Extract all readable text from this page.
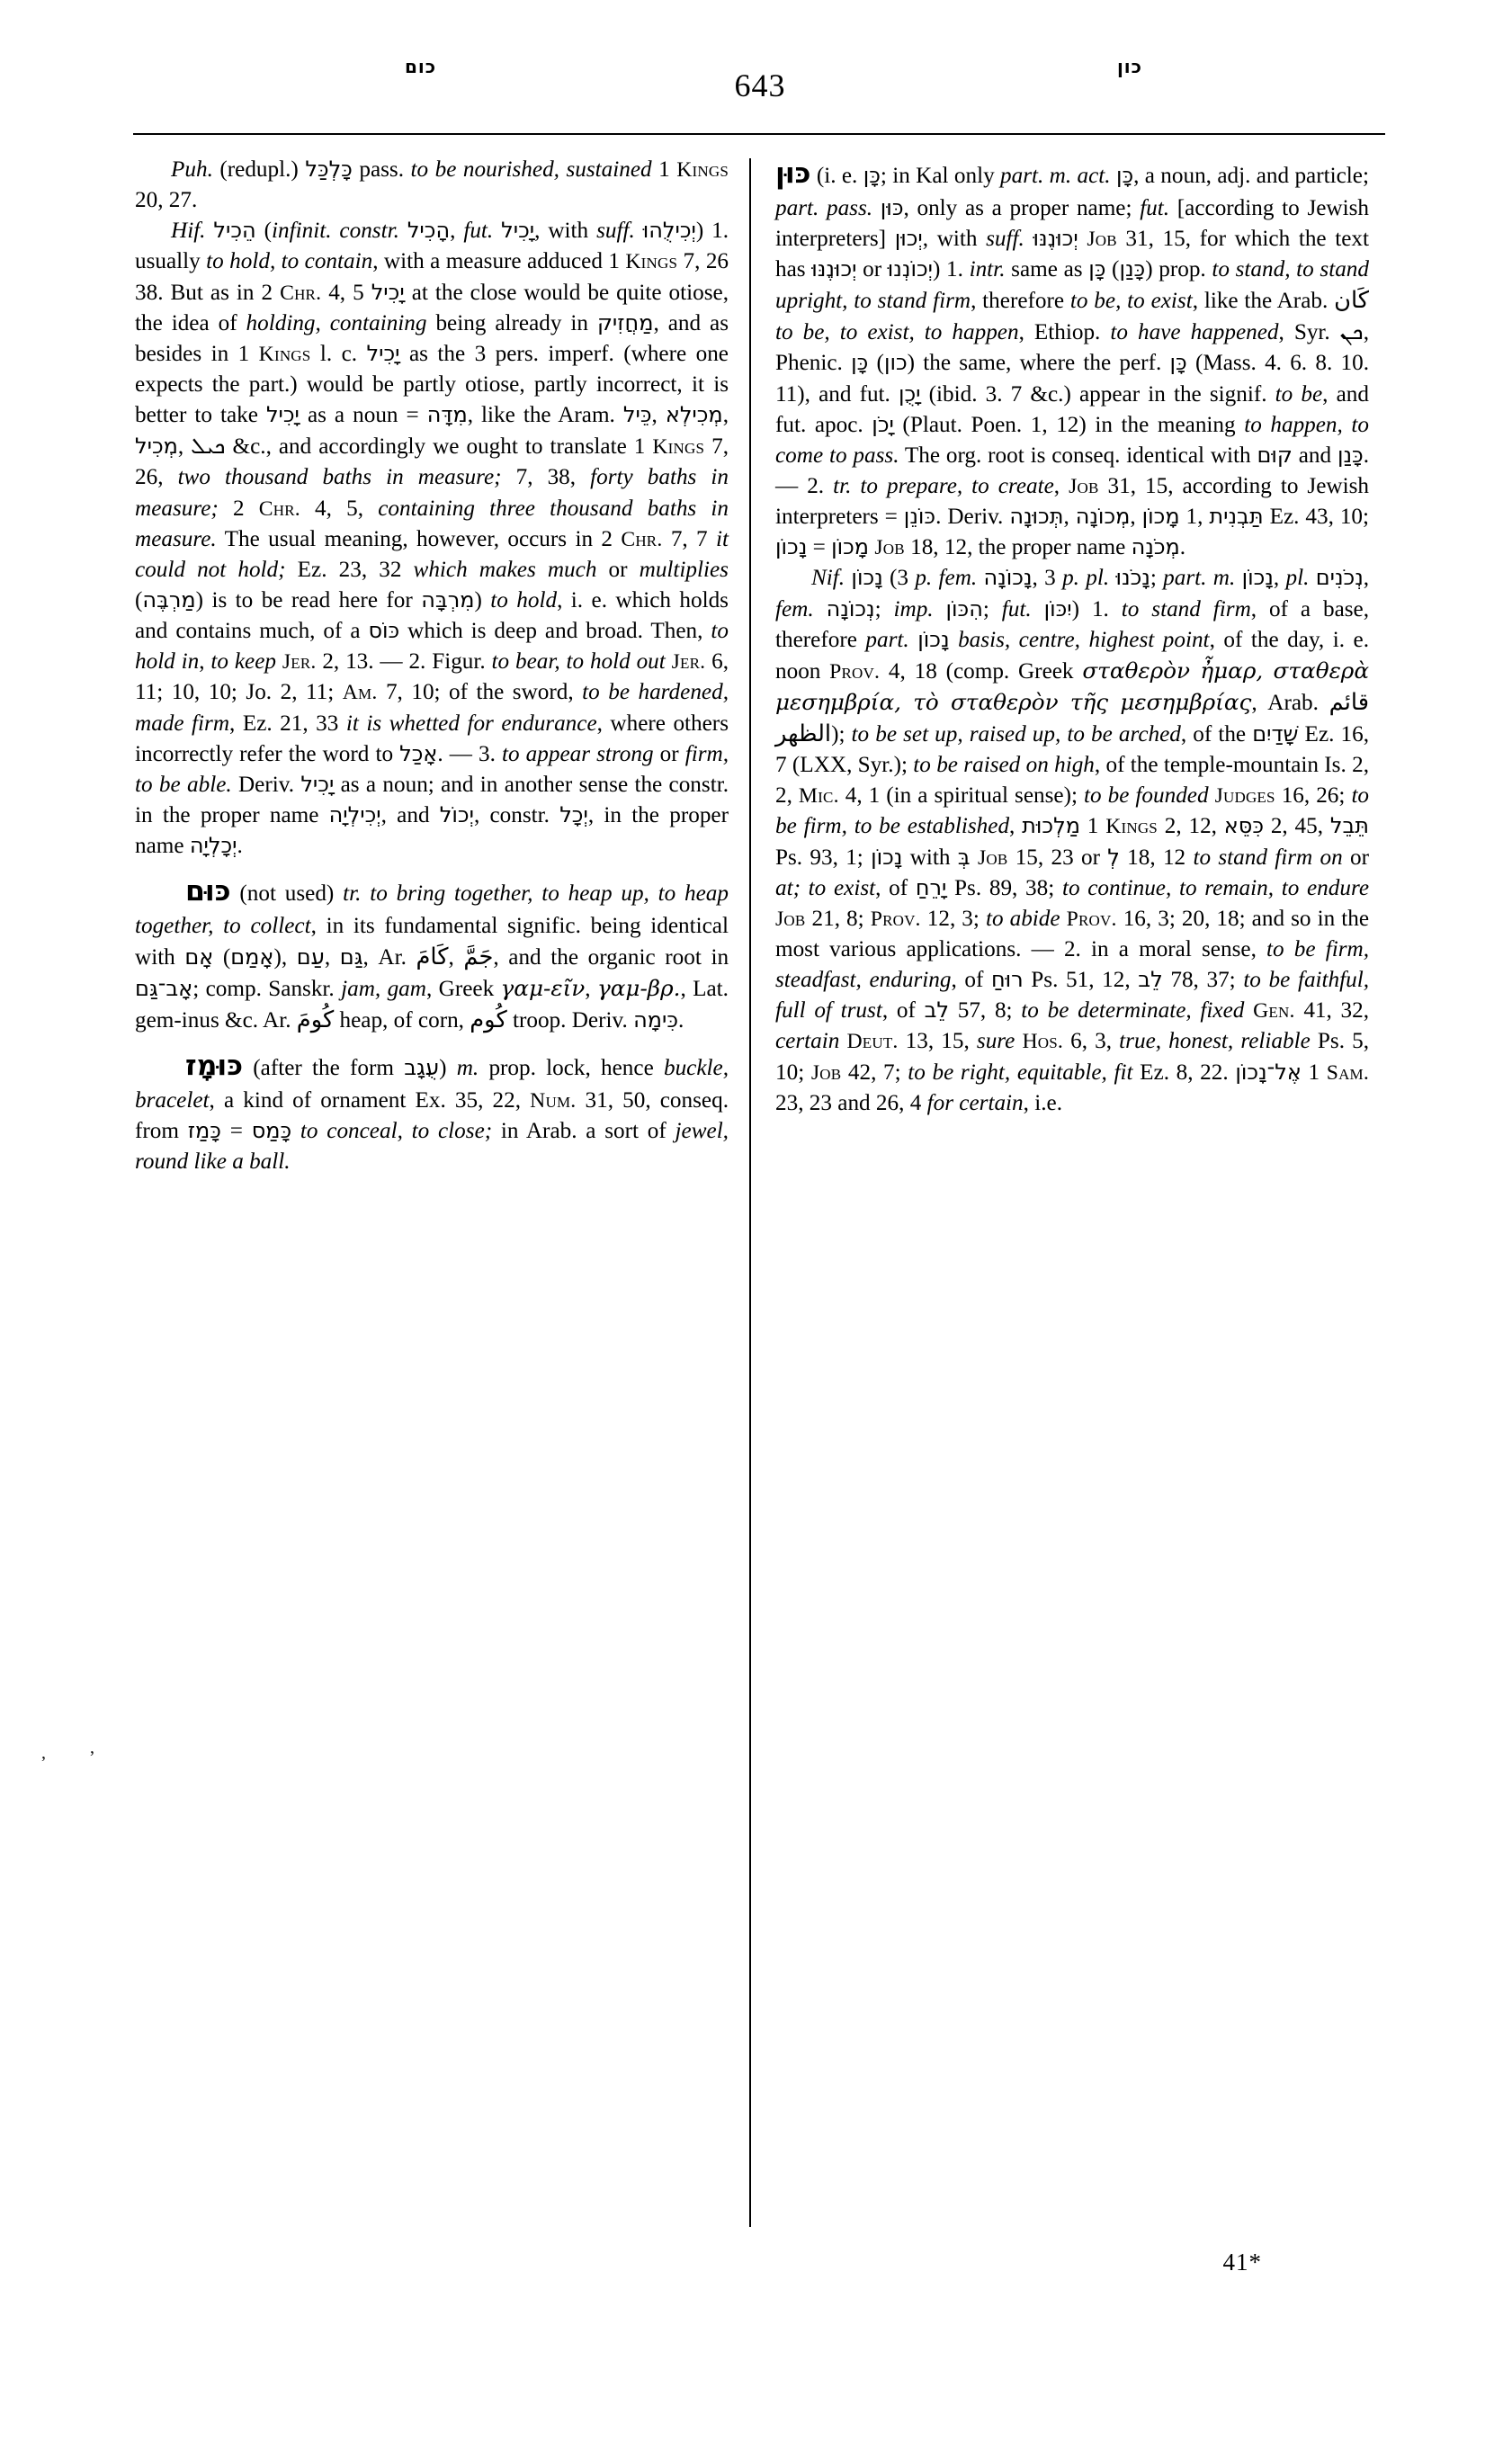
כום
643
כון
, ,

Puh. (redupl.) כָּלְכַּל pass. to be nourished, sustained 1 Kings 20, 27.

Hif. הֵכִיל (infinit. constr. הָכִיל, fut. יָכִיל, with suff. יְכִילֻהוּ) 1. usually to hold, to contain, with a measure adduced 1 Kings 7, 26 38. But as in 2 Chr. 4, 5 יָכִיל at the close would be quite otiose, the idea of holding, containing being already in מַחֲזִיק, and as besides in 1 Kings l. c. יָכִיל as the 3 pers. imperf. (where one expects the part.) would be partly otiose, partly incorrect, it is better to take יָכִיל as a noun = מִדָּה, like the Aram. כֵּיל, מְכִילְא, מְכִיל, ܟܝܠ &c., and accordingly we ought to translate 1 Kings 7, 26, two thousand baths in measure; 7, 38, forty baths in measure; 2 Chr. 4, 5, containing three thousand baths in measure. The usual meaning, however, occurs in 2 Chr. 7, 7 it could not hold; Ez. 23, 32 which makes much or multiplies (מַרְבֶּה) is to be read here for מִרְבָּה) to hold, i. e. which holds and contains much, of a כּוֹס which is deep and broad. Then, to hold in, to keep Jer. 2, 13. — 2. Figur. to bear, to hold out Jer. 6, 11; 10, 10; Jo. 2, 11; Am. 7, 10; of the sword, to be hardened, made firm, Ez. 21, 33 it is whetted for endurance, where others incorrectly refer the word to אָכַל. — 3. to appear strong or firm, to be able. Deriv. יָכִיל as a noun; and in another sense the constr. in the proper name יְכִילְיָה, and יְכוֹל, constr. יְכָל, in the proper name יְכָלְיָה.

כּוּם (not used) tr. to bring together, to heap up, to heap together, to collect, in its fundamental signific. being identical with אָם (אָמַם), עַם, גַּם, Ar. كَامَ, جَمَّ, and the organic root in אָב־גַּם; comp. Sanskr. jam, gam, Greek γαμ-εῖν, γαμ-βρ., Lat. gem-inus &c. Ar. كُومَ heap, of corn, كُوم troop. Deriv. כִּימָה.

כּוּמָז (after the form עֻגָב) m. prop. lock, hence buckle, bracelet, a kind of ornament Ex. 35, 22, Num. 31, 50, conseq. from כָּמַז = כָּמַס to conceal, to close; in Arab. a sort of jewel, round like a ball.

כּוּן (i. e. כָּן; in Kal only part. m. act. כָּן, a noun, adj. and particle; part. pass. כּוּן, only as a proper name; fut. [according to Jewish interpreters] יְכוּן, with suff. יְכוּנֶנּוּ Job 31, 15, for which the text has יְכוּנֶנּוּ or יְכוֹנְנוּ) 1. intr. same as כָּן (כָּנַן) prop. to stand, to stand upright, to stand firm, therefore to be, to exist, like the Arab. كَان to be, to exist, to happen, Ethiop. to have happened, Syr. ܟܢ, Phenic. כָּן (כון) the same, where the perf. כָּן (Mass. 4. 6. 8. 10. 11), and fut. יָכֻן (ibid. 3. 7 &c.) appear in the signif. to be, and fut. apoc. יָכֹן (Plaut. Poen. 1, 12) in the meaning to happen, to come to pass. The org. root is conseq. identical with קוּם and כָּנַן. — 2. tr. to prepare, to create, Job 31, 15, according to Jewish interpreters = כּוֹנֵן. Deriv. תְּכוּנָה, מְכוֹנָה, מָכוֹן 1, תַּבְנִית Ez. 43, 10; נָכוֹן = מָכוֹן Job 18, 12, the proper name מְכֹנָה.

Nif. נָכוֹן (3 p. fem. נָכוֹנָה, 3 p. pl. נָכֹנוּ; part. m. נָכוֹן, pl. נְכֹנִים, fem. נְכוֹנָה; imp. הִכּוֹן; fut. יִכּוֹן) 1. to stand firm, of a base, therefore part. נָכוֹן basis, centre, highest point, of the day, i. e. noon Prov. 4, 18 (comp. Greek σταθερὸν ἦμαρ, σταθερὰ μεσημβρία, τὸ σταθερὸν τῆς μεσημβρίας, Arab. قائم الظهر); to be set up, raised up, to be arched, of the שָׁדַיִם Ez. 16, 7 (LXX, Syr.); to be raised on high, of the temple-mountain Is. 2, 2, Mic. 4, 1 (in a spiritual sense); to be founded Judges 16, 26; to be firm, to be established, מַלְכוּת 1 Kings 2, 12, כִּסֵּא 2, 45, תֵּבֵל Ps. 93, 1; נָכוֹן with בְּ Job 15, 23 or לְ 18, 12 to stand firm on or at; to exist, of יָרֵחַ Ps. 89, 38; to continue, to remain, to endure Job 21, 8; Prov. 12, 3; to abide Prov. 16, 3; 20, 18; and so in the most various applications. — 2. in a moral sense, to be firm, steadfast, enduring, of רוּחַ Ps. 51, 12, לֵב 78, 37; to be faithful, full of trust, of לֵב 57, 8; to be determinate, fixed Gen. 41, 32, certain Deut. 13, 15, sure Hos. 6, 3, true, honest, reliable Ps. 5, 10; Job 42, 7; to be right, equitable, fit Ez. 8, 22. אֶל־נָכוֹן 1 Sam. 23, 23 and 26, 4 for certain, i.e.

41*
